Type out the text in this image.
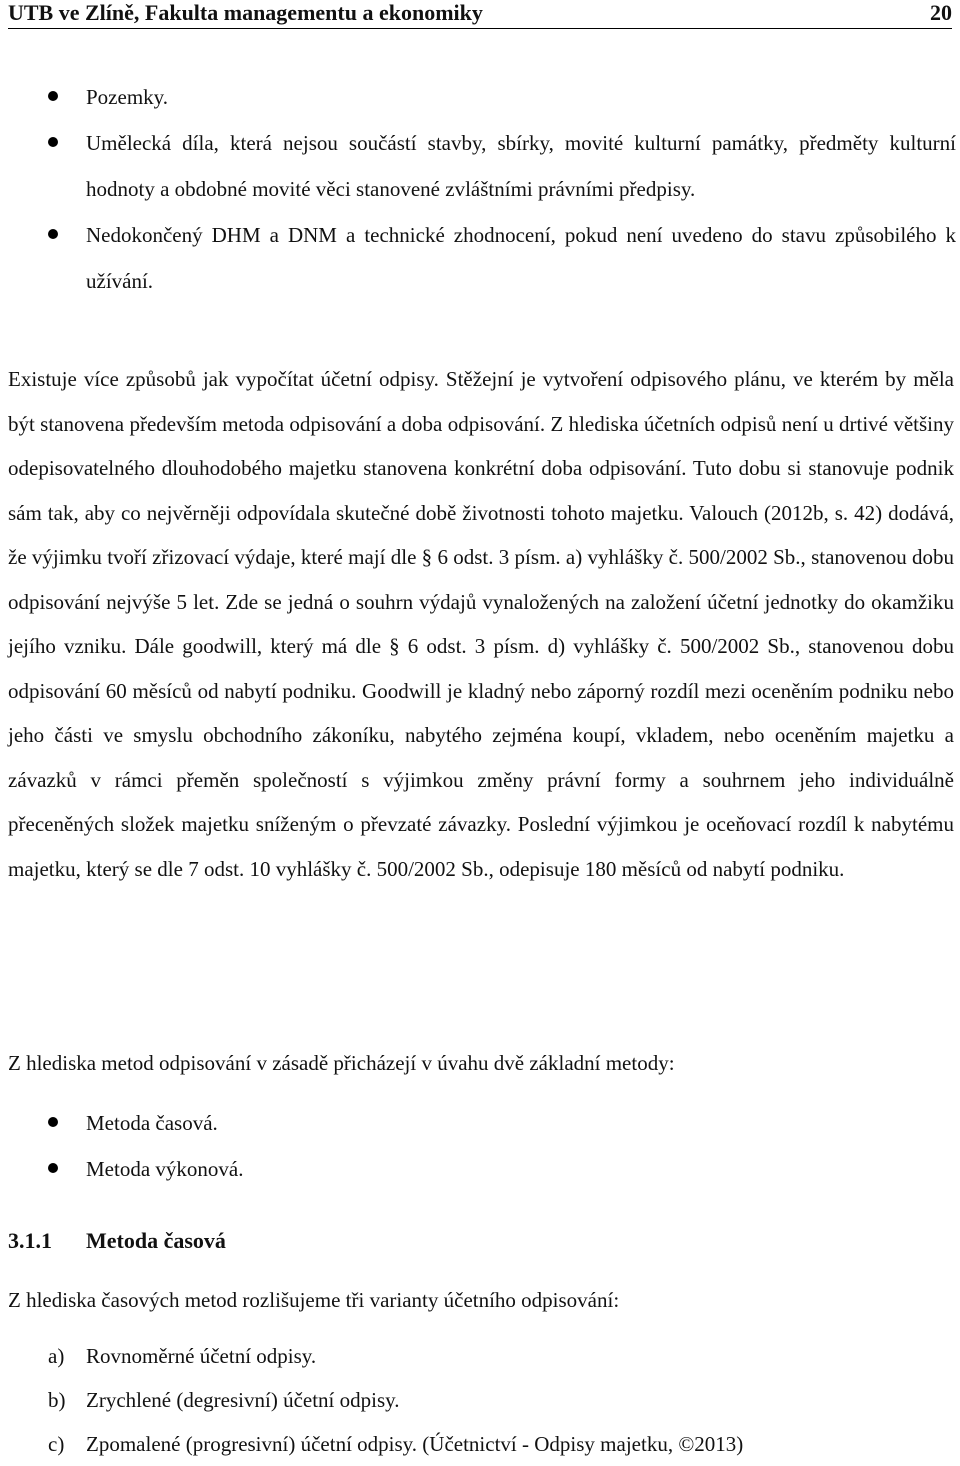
UTB ve Zlíně, Fakulta managementu a ekonomiky	20
Pozemky.
Umělecká díla, která nejsou součástí stavby, sbírky, movité kulturní památky, předměty kulturní hodnoty a obdobné movité věci stanovené zvláštními právními předpisy.
Nedokončený DHM a DNM a technické zhodnocení, pokud není uvedeno do stavu způsobilého k užívání.

Existuje více způsobů jak vypočítat účetní odpisy. Stěžejní je vytvoření odpisového plánu, ve kterém by měla být stanovena především metoda odpisování a doba odpisování. Z hlediska účetních odpisů není u drtivé většiny odepisovatelného dlouhodobého majetku stanovena konkrétní doba odpisování. Tuto dobu si stanovuje podnik sám tak, aby co nejvěrněji odpovídala skutečné době životnosti tohoto majetku. Valouch (2012b, s. 42) dodává, že výjimku tvoří zřizovací výdaje, které mají dle § 6 odst. 3 písm. a) vyhlášky č. 500/2002 Sb., stanovenou dobu odpisování nejvýše 5 let. Zde se jedná o souhrn výdajů vynaložených na založení účetní jednotky do okamžiku jejího vzniku. Dále goodwill, který má dle § 6 odst. 3 písm. d) vyhlášky č. 500/2002 Sb., stanovenou dobu odpisování 60 měsíců od nabytí podniku. Goodwill je kladný nebo záporný rozdíl mezi oceněním podniku nebo jeho části ve smyslu obchodního zákoníku, nabytého zejména koupí, vkladem, nebo oceněním majetku a závazků v rámci přeměn společností s výjimkou změny právní formy a souhrnem jeho individuálně přeceněných složek majetku sníženým o převzaté závazky. Poslední výjimkou je oceňovací rozdíl k nabytému majetku, který se dle 7 odst. 10 vyhlášky č. 500/2002 Sb., odepisuje 180 měsíců od nabytí podniku.

Z hlediska metod odpisování v zásadě přicházejí v úvahu dvě základní metody:

Metoda časová.
Metoda výkonová.
3.1.1 Metoda časová

Z hlediska časových metod rozlišujeme tři varianty účetního odpisování:

a) Rovnoměrné účetní odpisy.
b) Zrychlené (degresivní) účetní odpisy.
c) Zpomalené (progresivní) účetní odpisy. (Účetnictví - Odpisy majetku, ©2013)
